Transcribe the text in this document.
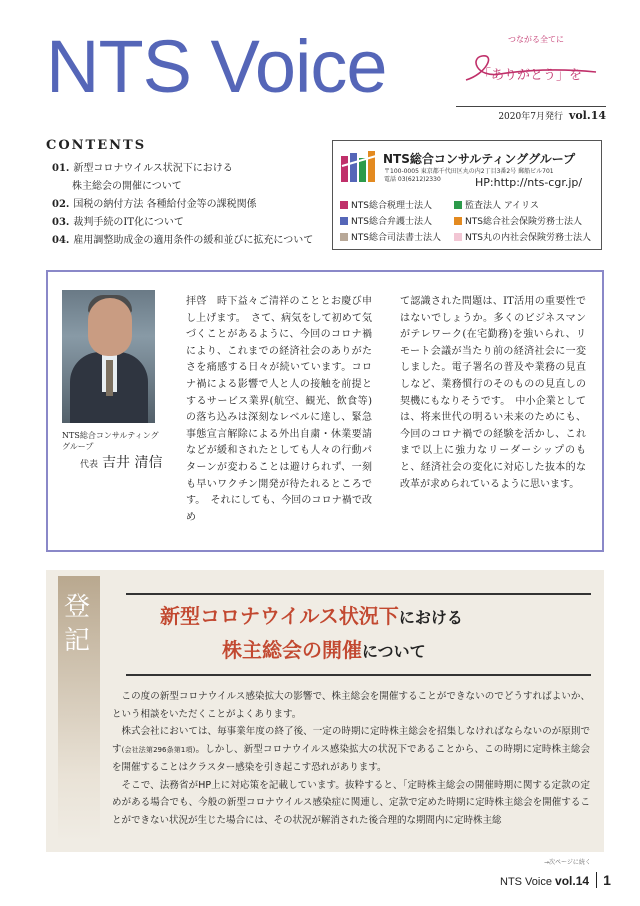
NTS Voice	つながる全てに
「ありがとう」を
2020年7月発行 vol.14
CONTENTS
01. 新型コロナウイルス状況下における
株主総会の開催について
02. 国税の納付方法 各種給付金等の課税関係
03. 裁判手続のIT化について
04. 雇用調整助成金の適用条件の緩和並びに拡充について
NTS総合コンサルティンググループ
〒100-0005 東京都千代田区丸の内2丁目3番2号 郵船ビル701
電話 03(6212)2330	HP:http://nts-cgr.jp/
NTS総合税理士法人	監査法人 アイリス
NTS総合弁護士法人	NTS総合社会保険労務士法人
NTS総合司法書士法人	NTS丸の内社会保険労務士法人
NTS総合コンサルティング
グループ
代表 吉井 清信
拝啓　時下益々ご清祥のこととお慶び申し上げます。　さて、病気をして初めて気づくことがあるように、今回のコロナ禍により、これまでの経済社会のありがたさを痛感する日々が続いています。コロナ禍による影響で人と人の接触を前提とするサービス業界(航空、観光、飲食等)の落ち込みは深刻なレベルに達し、緊急事態宣言解除による外出自粛・休業要請などが緩和されたとしても人々の行動パターンが変わることは避けられず、一刻も早いワクチン開発が待たれるところです。　それにしても、今回のコロナ禍で改め
て認識された問題は、IT活用の重要性ではないでしょうか。多くのビジネスマンがテレワーク(在宅勤務)を強いられ、リモート会議が当たり前の経済社会に一変しました。電子署名の普及や業務の見直しなど、業務慣行のそのものの見直しの契機にもなりそうです。　中小企業としては、将来世代の明るい未来のためにも、今回のコロナ禍での経験を活かし、これまで以上に強力なリーダーシップのもと、経済社会の変化に対応した抜本的な改革が求められているように思います。
登
記
新型コロナウイルス状況下における
株主総会の開催について

この度の新型コロナウイルス感染拡大の影響で、株主総会を開催することができないのでどうすればよいか、という相談をいただくことがよくあります。

株式会社においては、毎事業年度の終了後、一定の時期に定時株主総会を招集しなければならないのが原則です(会社法第296条第1項)。しかし、新型コロナウイルス感染拡大の状況下であることから、この時期に定時株主総会を開催することはクラスター感染を引き起こす恐れがあります。

そこで、法務省がHP上に対応策を記載しています。抜粋すると、「定時株主総会の開催時期に関する定款の定めがある場合でも、今般の新型コロナウイルス感染症に関連し、定款で定めた時期に定時株主総会を開催することができない状況が生じた場合には、その状況が解消された後合理的な期間内に定時株主総

→次ページに続く
NTS Voice vol.14 1
